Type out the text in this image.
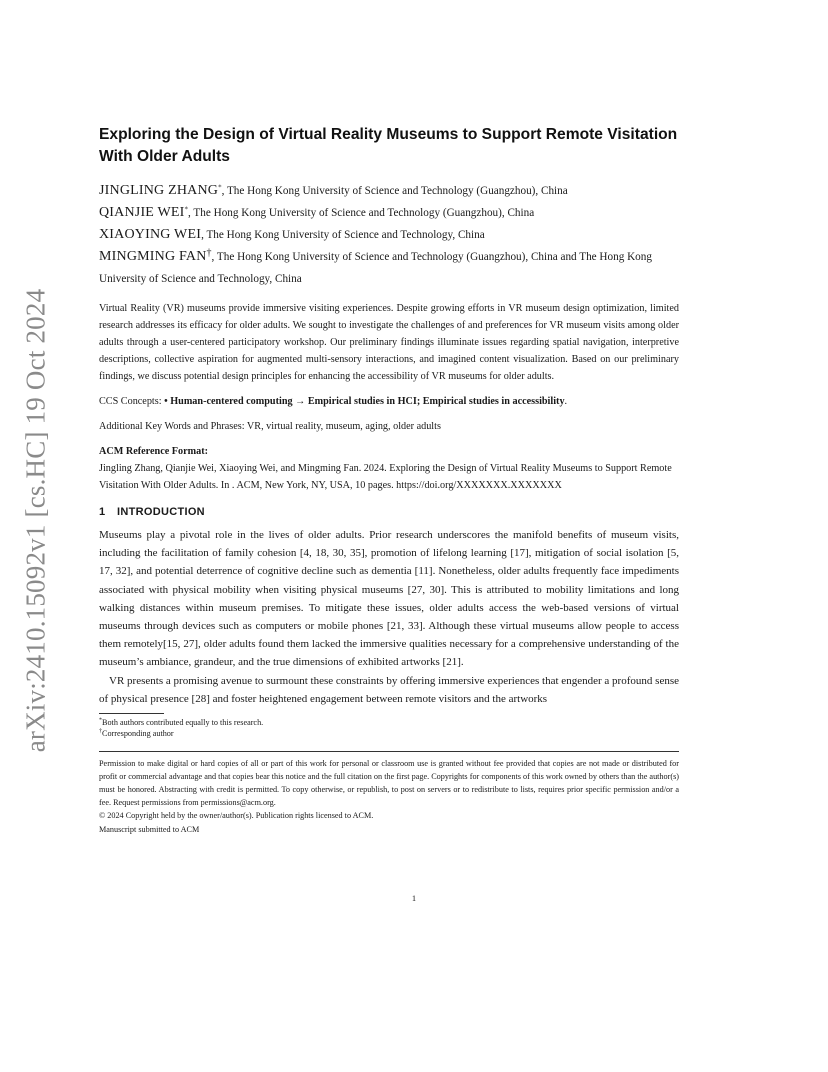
arXiv:2410.15092v1 [cs.HC] 19 Oct 2024
Exploring the Design of Virtual Reality Museums to Support Remote Visitation With Older Adults

JINGLING ZHANG*, The Hong Kong University of Science and Technology (Guangzhou), China

QIANJIE WEI*, The Hong Kong University of Science and Technology (Guangzhou), China

XIAOYING WEI, The Hong Kong University of Science and Technology, China

MINGMING FAN†, The Hong Kong University of Science and Technology (Guangzhou), China and The Hong Kong University of Science and Technology, China

Virtual Reality (VR) museums provide immersive visiting experiences. Despite growing efforts in VR museum design optimization, limited research addresses its efficacy for older adults. We sought to investigate the challenges of and preferences for VR museum visits among older adults through a user-centered participatory workshop. Our preliminary findings illuminate issues regarding spatial navigation, interpretive descriptions, collective aspiration for augmented multi-sensory interactions, and imagined content visualization. Based on our preliminary findings, we discuss potential design principles for enhancing the accessibility of VR museums for older adults.

CCS Concepts: • Human-centered computing → Empirical studies in HCI; Empirical studies in accessibility.

Additional Key Words and Phrases: VR, virtual reality, museum, aging, older adults

ACM Reference Format:

Jingling Zhang, Qianjie Wei, Xiaoying Wei, and Mingming Fan. 2024. Exploring the Design of Virtual Reality Museums to Support Remote Visitation With Older Adults. In . ACM, New York, NY, USA, 10 pages. https://doi.org/XXXXXXX.XXXXXXX

1 INTRODUCTION

Museums play a pivotal role in the lives of older adults. Prior research underscores the manifold benefits of museum visits, including the facilitation of family cohesion [4, 18, 30, 35], promotion of lifelong learning [17], mitigation of social isolation [5, 17, 32], and potential deterrence of cognitive decline such as dementia [11]. Nonetheless, older adults frequently face impediments associated with physical mobility when visiting physical museums [27, 30]. This is attributed to mobility limitations and long walking distances within museum premises. To mitigate these issues, older adults access the web-based versions of virtual museums through devices such as computers or mobile phones [21, 33]. Although these virtual museums allow people to access them remotely[15, 27], older adults found them lacked the immersive qualities necessary for a comprehensive understanding of the museum’s ambiance, grandeur, and the true dimensions of exhibited artworks [21].

VR presents a promising avenue to surmount these constraints by offering immersive experiences that engender a profound sense of physical presence [28] and foster heightened engagement between remote visitors and the artworks

*Both authors contributed equally to this research.

†Corresponding author

Permission to make digital or hard copies of all or part of this work for personal or classroom use is granted without fee provided that copies are not made or distributed for profit or commercial advantage and that copies bear this notice and the full citation on the first page. Copyrights for components of this work owned by others than the author(s) must be honored. Abstracting with credit is permitted. To copy otherwise, or republish, to post on servers or to redistribute to lists, requires prior specific permission and/or a fee. Request permissions from permissions@acm.org.

© 2024 Copyright held by the owner/author(s). Publication rights licensed to ACM.

Manuscript submitted to ACM

1
